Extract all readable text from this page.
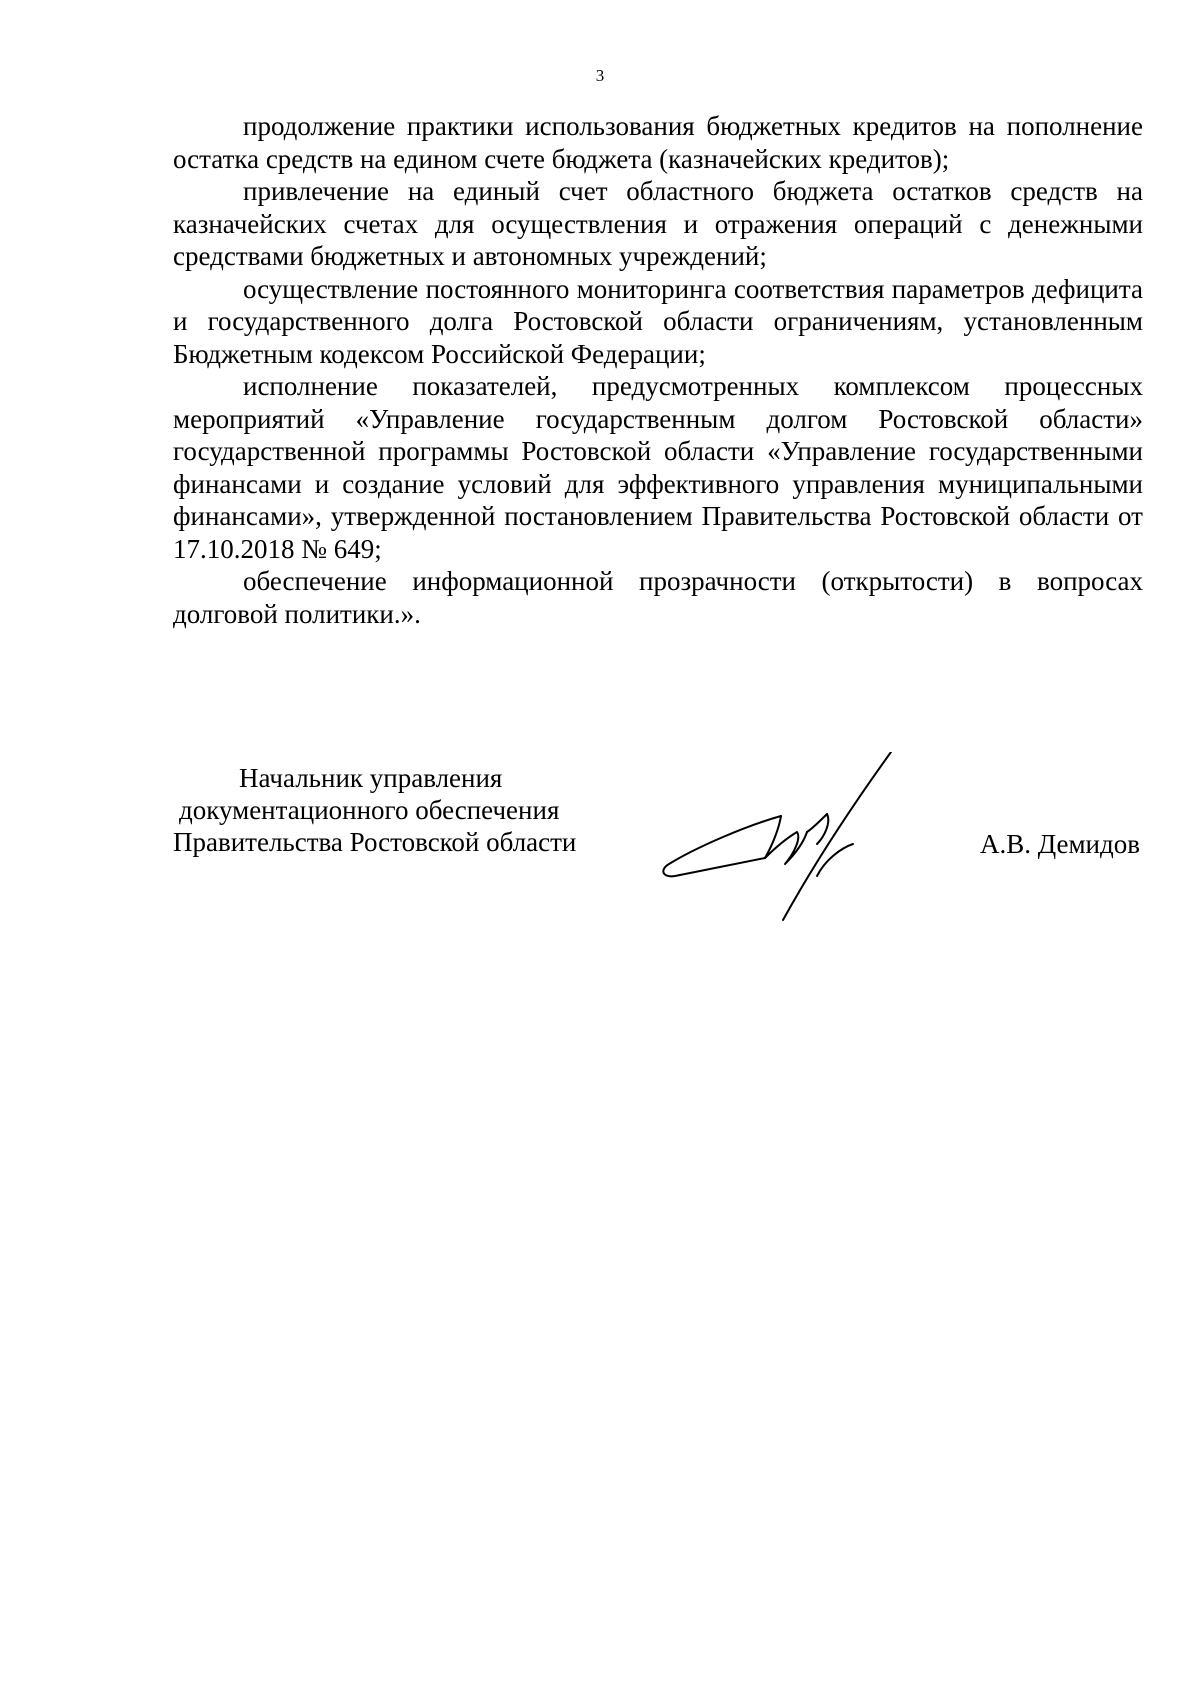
3

продолжение практики использования бюджетных кредитов на пополнение остатка средств на едином счете бюджета (казначейских кредитов);

привлечение на единый счет областного бюджета остатков средств на казначейских счетах для осуществления и отражения операций с денежными средствами бюджетных и автономных учреждений;

осуществление постоянного мониторинга соответствия параметров дефицита и государственного долга Ростовской области ограничениям, установленным Бюджетным кодексом Российской Федерации;

исполнение показателей, предусмотренных комплексом процессных мероприятий «Управление государственным долгом Ростовской области» государственной программы Ростовской области «Управление государственными финансами и создание условий для эффективного управления муниципальными финансами», утвержденной постановлением Правительства Ростовской области от 17.10.2018 № 649;

обеспечение информационной прозрачности (открытости) в вопросах долговой политики.».

Начальник управления
документационного обеспечения
Правительства Ростовской области	А.В. Демидов
